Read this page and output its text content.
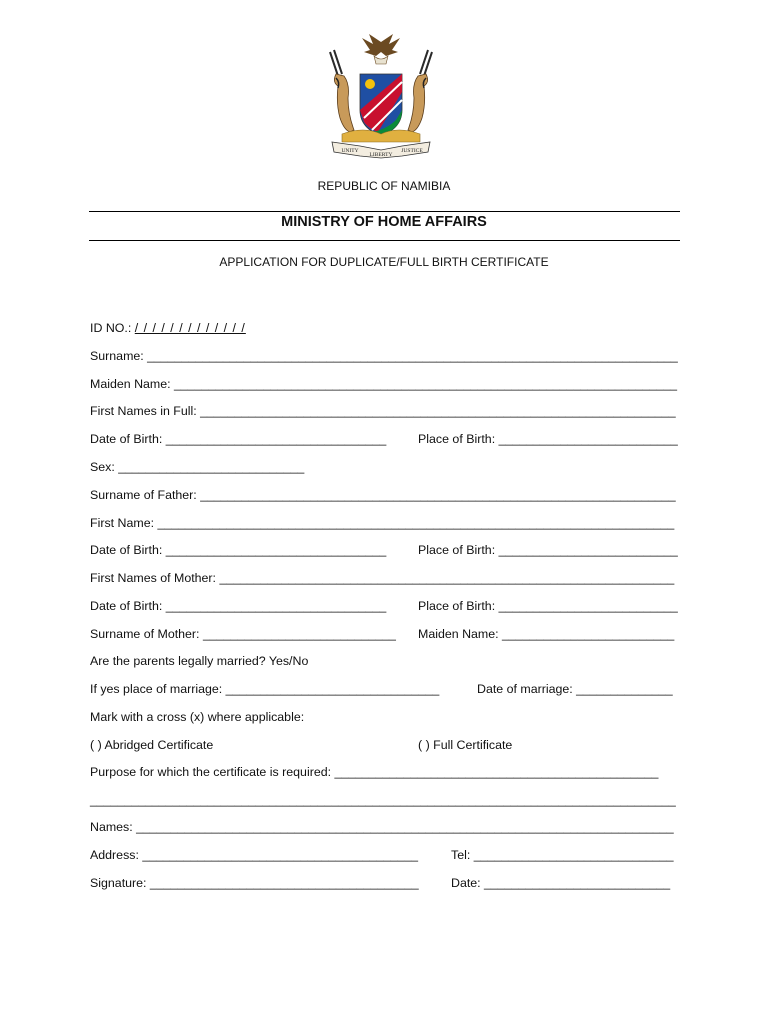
UNITY
LIBERTY
JUSTICE
REPUBLIC OF NAMIBIA
MINISTRY OF HOME AFFAIRS
APPLICATION FOR DUPLICATE/FULL BIRTH CERTIFICATE
ID NO.: / / / / / / / / / / / / /
Surname: _____________________________________________________________________________
Maiden Name: _________________________________________________________________________
First Names in Full: _____________________________________________________________________
Date of Birth: ________________________________	Place of Birth: __________________________
Sex: ___________________________
Surname of Father: _____________________________________________________________________
First Name: ___________________________________________________________________________
Date of Birth: ________________________________	Place of Birth: __________________________
First Names of Mother: __________________________________________________________________
Date of Birth: ________________________________	Place of Birth: __________________________
Surname of Mother: ____________________________ Maiden Name: _________________________
Are the parents legally married? Yes/No
If yes place of marriage: _______________________________	Date of marriage: ______________
Mark with a cross (x) where applicable:
( ) Abridged Certificate	( ) Full Certificate
Purpose for which the certificate is required: _______________________________________________
_____________________________________________________________________________________
Names: ______________________________________________________________________________
Address: ________________________________________	Tel: _____________________________
Signature: _______________________________________	Date: ___________________________
